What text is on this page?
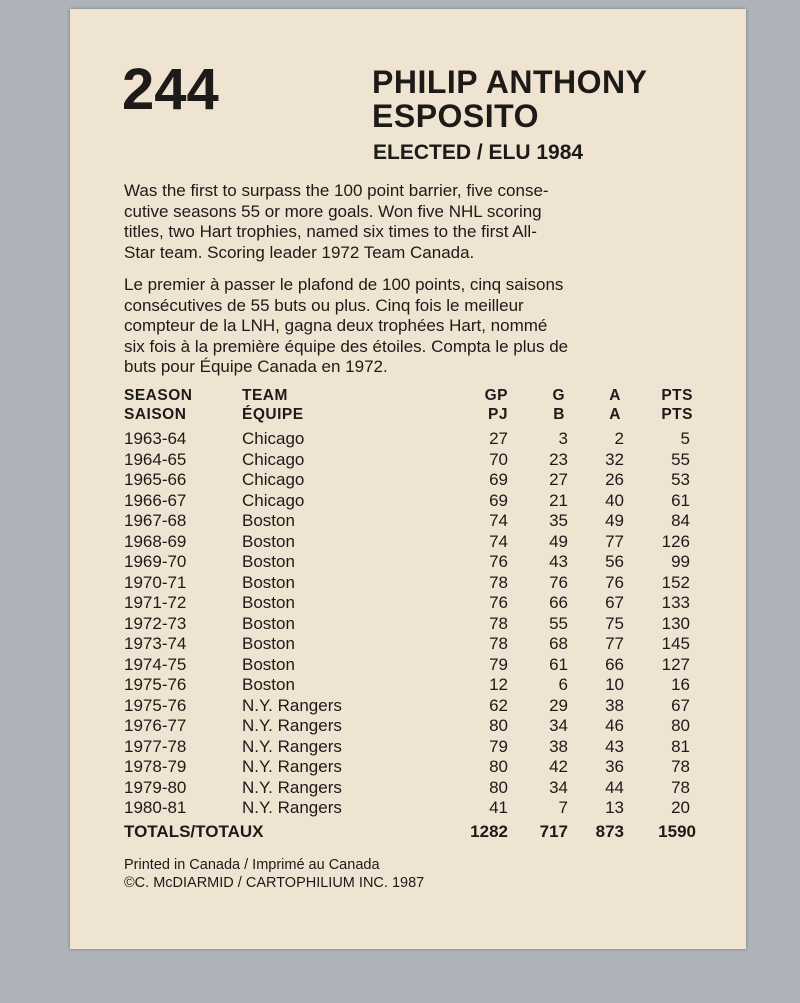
244	PHILIP ANTHONY
ESPOSITO
ELECTED / ELU 1984
Was the first to surpass the 100 point barrier, five conse-
cutive seasons 55 or more goals. Won five NHL scoring
titles, two Hart trophies, named six times to the first All-
Star team. Scoring leader 1972 Team Canada.
Le premier à passer le plafond de 100 points, cinq saisons
consécutives de 55 buts ou plus. Cinq fois le meilleur
compteur de la LNH, gagna deux trophées Hart, nommé
six fois à la première équipe des étoiles. Compta le plus de
buts pour Équipe Canada en 1972.
SEASON	TEAM	GP	G	A	PTS
SAISON	ÉQUIPE	PJ	B	A	PTS
1963-64	Chicago	27	3	2	5
1964-65	Chicago	70 23 32	55
1965-66	Chicago	69 27 26	53
1966-67	Chicago	69 21 40	61
1967-68	Boston	74 35 49	84
1968-69	Boston	74 49 77 126
1969-70	Boston	76 43 56	99
1970-71	Boston	78 76 76 152
1971-72	Boston	76 66 67 133
1972-73	Boston	78 55 75 130
1973-74	Boston	78 68 77 145
1974-75	Boston	79 61 66 127
1975-76	Boston	12	6 10	16
1975-76	N.Y. Rangers	62 29 38	67
1976-77	N.Y. Rangers	80 34 46	80
1977-78	N.Y. Rangers	79 38 43	81
1978-79	N.Y. Rangers	80 42 36	78
1979-80	N.Y. Rangers	80 34 44	78
1980-81	N.Y. Rangers	41	7 13	20
TOTALS/TOTAUX	1282 717 873 1590
Printed in Canada / Imprimé au Canada
©C. McDIARMID / CARTOPHILIUM INC. 1987
